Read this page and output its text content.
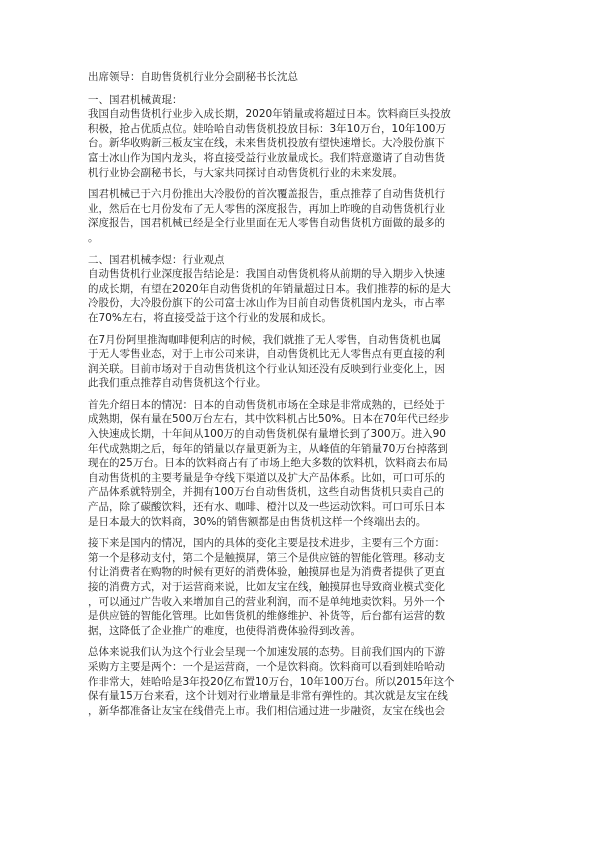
出席领导：自助售货机行业分会副秘书长沈总

一、国君机械黄琨：

我国自动售货机行业步入成长期，2020年销量或将超过日本。饮料商巨头投放

积极，抢占优质点位。娃哈哈自动售货机投放目标：3年10万台，10年100万

台。新华收购新三板友宝在线，未来售货机投放有望快速增长。大冷股份旗下

富士冰山作为国内龙头，将直接受益行业放量成长。我们特意邀请了自动售货

机行业协会副秘书长，与大家共同探讨自动售货机行业的未来发展。

国君机械已于六月份推出大冷股份的首次覆盖报告，重点推荐了自动售货机行

业，然后在七月份发布了无人零售的深度报告，再加上昨晚的自动售货机行业

深度报告，国君机械已经是全行业里面在无人零售自动售货机方面做的最多的

。

二、国君机械李煜：行业观点

自动售货机行业深度报告结论是：我国自动售货机将从前期的导入期步入快速

的成长期，有望在2020年自动售货机的年销量超过日本。我们推荐的标的是大

冷股份，大冷股份旗下的公司富士冰山作为目前自动售货机国内龙头，市占率

在70%左右，将直接受益于这个行业的发展和成长。

在7月份阿里推淘咖啡便利店的时候，我们就推了无人零售，自动售货机也属

于无人零售业态，对于上市公司来讲，自动售货机比无人零售点有更直接的利

润关联。目前市场对于自动售货机这个行业认知还没有反映到行业变化上，因

此我们重点推荐自动售货机这个行业。

首先介绍日本的情况：日本的自动售货机市场在全球是非常成熟的，已经处于

成熟期，保有量在500万台左右，其中饮料机占比50%。日本在70年代已经步

入快速成长期，十年间从100万的自动售货机保有量增长到了300万。进入90

年代成熟期之后，每年的销量以存量更新为主，从峰值的年销量70万台掉落到

现在的25万台。日本的饮料商占有了市场上绝大多数的饮料机，饮料商去布局

自动售货机的主要考量是争夺线下渠道以及扩大产品体系。比如，可口可乐的

产品体系就特别全，并拥有100万台自动售货机，这些自动售货机只卖自己的

产品，除了碳酸饮料，还有水、咖啡、橙汁以及一些运动饮料。可口可乐日本

是日本最大的饮料商，30%的销售额都是由售货机这样一个终端出去的。

接下来是国内的情况，国内的具体的变化主要是技术进步，主要有三个方面：

第一个是移动支付，第二个是触摸屏，第三个是供应链的智能化管理。移动支

付让消费者在购物的时候有更好的消费体验，触摸屏也是为消费者提供了更直

接的消费方式，对于运营商来说，比如友宝在线，触摸屏也导致商业模式变化

，可以通过广告收入来增加自己的营业利润，而不是单纯地卖饮料。另外一个

是供应链的智能化管理。比如售货机的维修维护、补货等，后台都有运营的数

据，这降低了企业推广的难度，也使得消费体验得到改善。

总体来说我们认为这个行业会呈现一个加速发展的态势。目前我们国内的下游

采购方主要是两个：一个是运营商，一个是饮料商。饮料商可以看到娃哈哈动

作非常大，娃哈哈是3年投20亿布置10万台，10年100万台。所以2015年这个

保有量15万台来看，这个计划对行业增量是非常有弹性的。其次就是友宝在线

，新华都准备让友宝在线借壳上市。我们相信通过进一步融资，友宝在线也会
